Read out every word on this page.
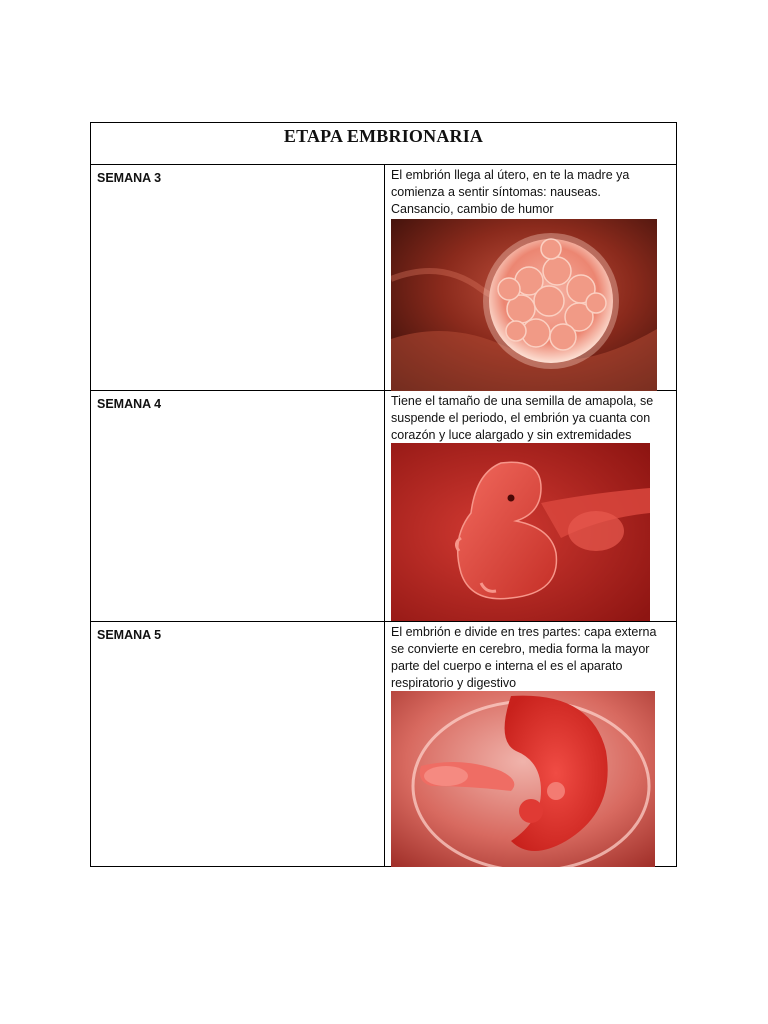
ETAPA EMBRIONARIA
SEMANA 3	El embrión llega al útero, en te la madre ya comienza a sentir síntomas: nauseas. Cansancio, cambio de humor
SEMANA 4	Tiene el tamaño de una semilla de amapola, se suspende el periodo, el embrión ya cuanta con corazón y luce alargado y sin extremidades
SEMANA 5	El embrión e divide en tres partes: capa externa se convierte en cerebro, media forma la mayor parte del cuerpo e interna el es el aparato respiratorio y digestivo
